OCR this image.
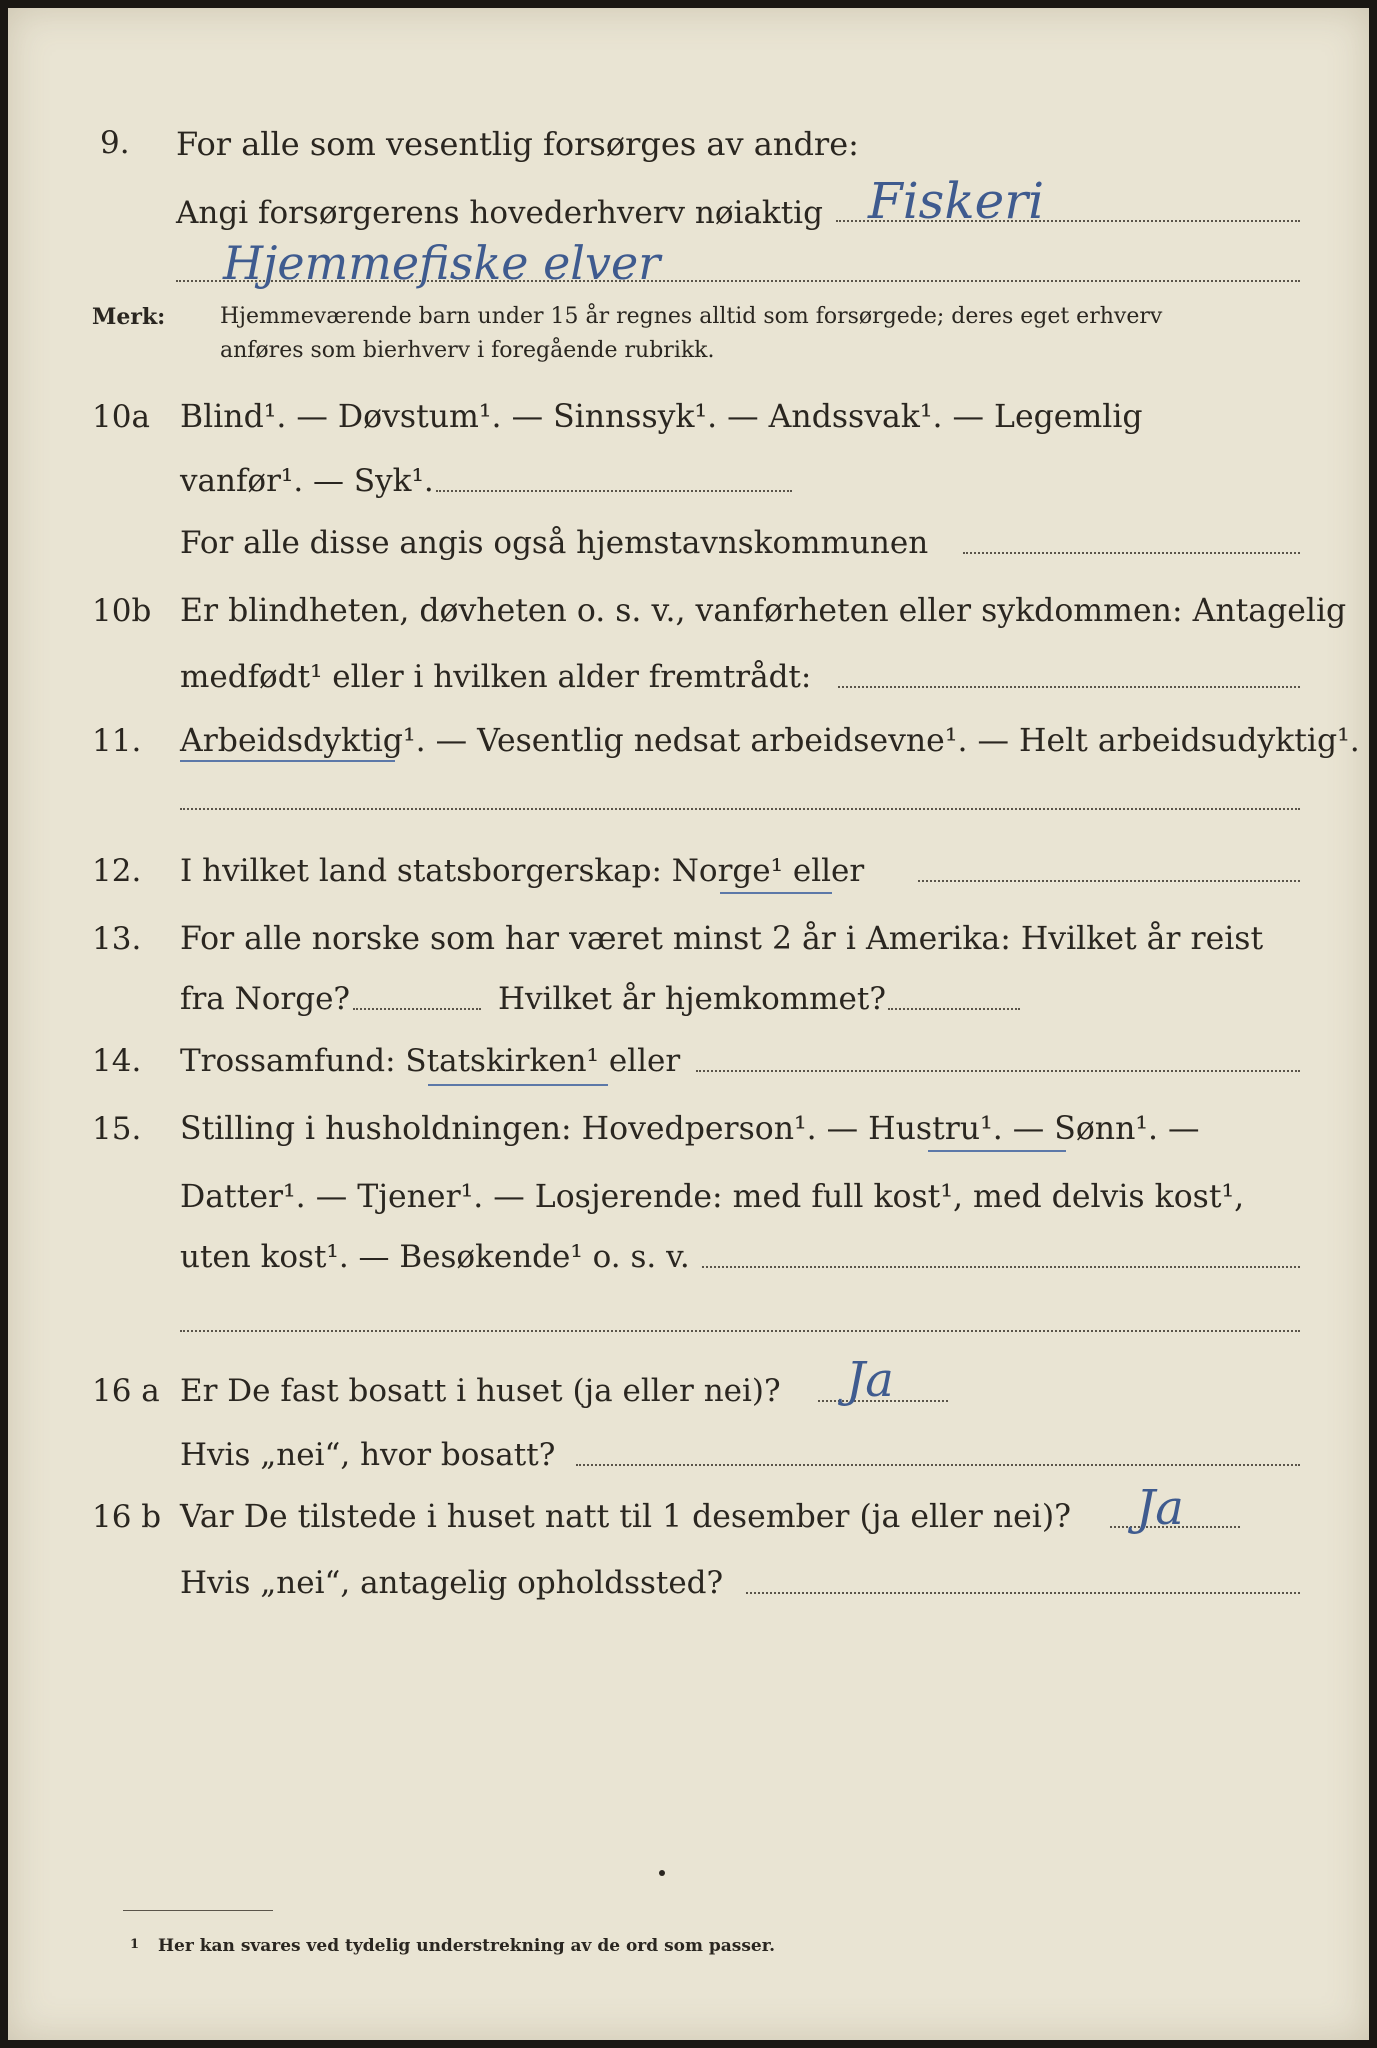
9. For alle som vesentlig forsørges av andre:
Angi forsørgerens hovederhverv nøiaktig Fiskeri
Hjemmefiske elver
Merk: Hjemmeværende barn under 15 år regnes alltid som forsørgede; deres eget erhverv
anføres som bierhverv i foregående rubrikk.
10a Blind¹. — Døvstum¹. — Sinnssyk¹. — Andssvak¹. — Legemlig
vanfør¹. — Syk¹.
For alle disse angis også hjemstavnskommunen
10b Er blindheten, døvheten o. s. v., vanførheten eller sykdommen: Antagelig
medfødt¹ eller i hvilken alder fremtrådt:
11. Arbeidsdyktig¹. — Vesentlig nedsat arbeidsevne¹. — Helt arbeidsudyktig¹.
12. I hvilket land statsborgerskap: Norge¹ eller
13. For alle norske som har været minst 2 år i Amerika: Hvilket år reist
fra Norge?	Hvilket år hjemkommet?
14. Trossamfund: Statskirken¹ eller
15. Stilling i husholdningen: Hovedperson¹. — Hustru¹. — Sønn¹. —
Datter¹. — Tjener¹. — Losjerende: med full kost¹, med delvis kost¹,
uten kost¹. — Besøkende¹ o. s. v.
16 a Er De fast bosatt i huset (ja eller nei)? Ja
Hvis „nei“, hvor bosatt?
16 b Var De tilstede i huset natt til 1 desember (ja eller nei)? Ja
Hvis „nei“, antagelig opholdssted?
1 Her kan svares ved tydelig understrekning av de ord som passer.
